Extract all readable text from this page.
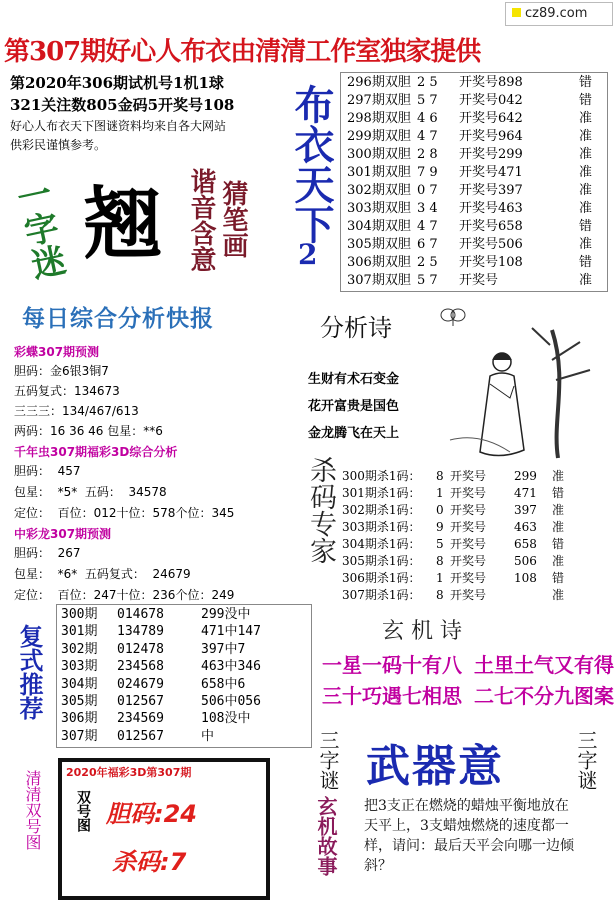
cz89.com
第307期好心人布衣由清清工作室独家提供
第2020年306期试机号1机1球
321关注数805金码5开奖号108
好心人布衣天下图谜资料均来自各大网站
供彩民谨慎参考。	布衣天下
2
一字迷 翘 谐音含意 猜笔画
296期双胆 2 5 开奖号898	错
297期双胆 5 7 开奖号042	错
298期双胆 4 6 开奖号642	准
299期双胆 4 7 开奖号964	准
300期双胆 2 8 开奖号299	准
301期双胆 7 9 开奖号471	准
302期双胆 0 7 开奖号397	准
303期双胆 3 4 开奖号463	准
304期双胆 4 7 开奖号658	错
305期双胆 6 7 开奖号506	准
306期双胆 2 5 开奖号108	错
307期双胆 5 7 开奖号	准
每日综合分析快报
彩蝶307期预测
胆码：金6银3铜7
五码复式：134673
三三三：134/467/613
两码：16 36 46 包星：**6
千年虫307期福彩3D综合分析
胆码：  457
包星：  *5*  五码：  34578
定位：  百位：012十位：578个位：345
中彩龙307期预测
胆码：  267
包星：  *6*  五码复式：  24679
定位：  百位：247十位：236个位：249
分析诗
生财有术石变金
花开富贵是国色
金龙腾飞在天上
杀码专家 300期杀1码： 8 开奖号 299 准
301期杀1码： 1 开奖号 471 错
302期杀1码： 0 开奖号 397 准
303期杀1码： 9 开奖号 463 准
304期杀1码： 5 开奖号 658 错
305期杀1码： 8 开奖号 506 准
306期杀1码： 1 开奖号 108 错
307期杀1码： 8 开奖号	准
玄 机 诗
一星一码十有八 土里土气又有得
三十巧遇七相思 二七不分九图案
复式推荐
300期 014678	299没中
301期 134789	471中147
302期 012478	397中7
303期 234568	463中346
304期 024679	658中6
305期 012567	506中056
306期 234569	108没中
307期 012567	中	三字谜 武器意	三字谜
清清双号图 2020年福彩3D第307期
双号图 胆码:24
杀码:7	玄机故事 把3支正在燃烧的蜡烛平衡地放在天平上，3支蜡烛燃烧的速度都一样，请问：最后天平会向哪一边倾斜？
